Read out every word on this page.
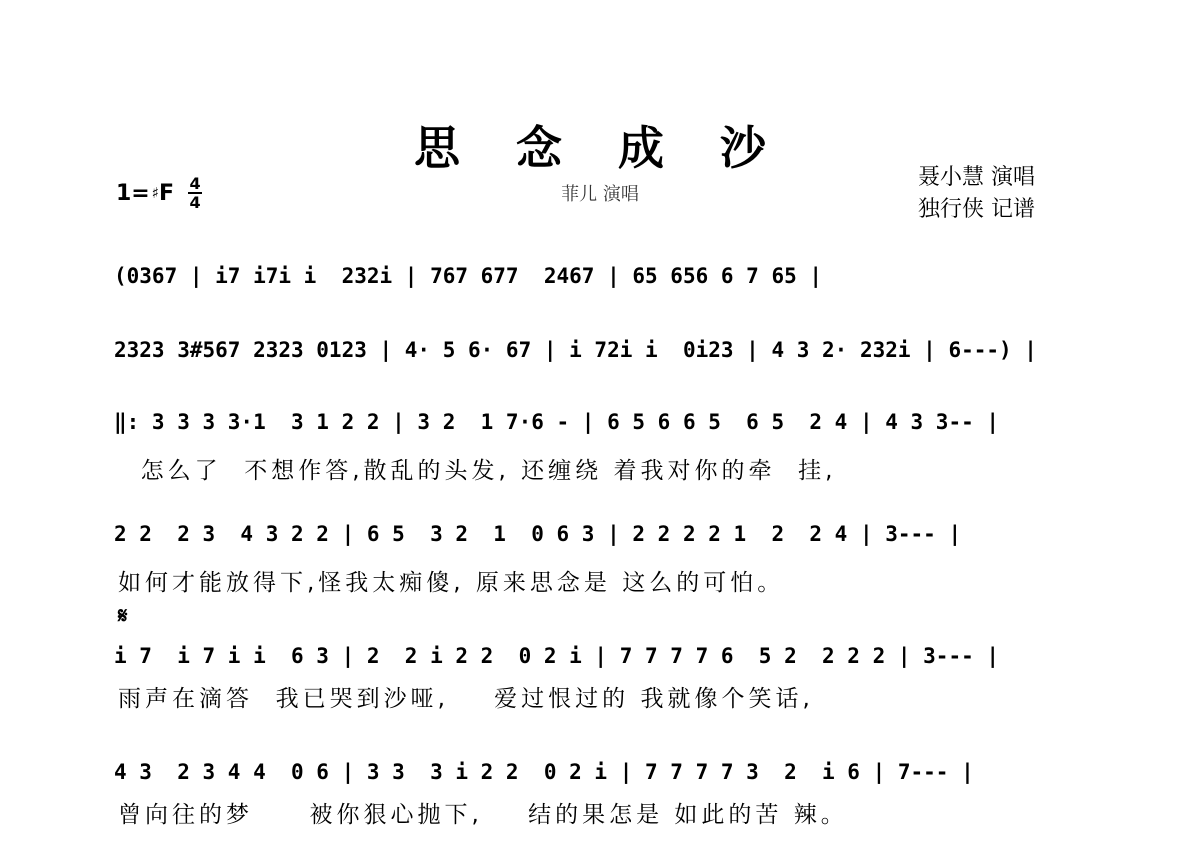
思 念 成 沙
菲儿 演唱
聂小慧 演唱
独行侠 记谱
1= ♯ F 4
4
𝄋
(0367 | i7 i7i i  232i | 767 677  2467 | 65 656 6 7 65 |
2323 3#567 2323 0123 | 4· 5 6· 67 | i 72i i  0i23 | 4 3 2· 232i | 6---) |
‖: 3 3 3 3·1  3 1 2 2 | 3 2  1 7·6 - | 6 5 6 6 5  6 5  2 4 | 4 3 3-- |
怎么了  不想作答,散乱的头发, 还缠绕 着我对你的牵  挂,
2 2  2 3  4 3 2 2 | 6 5  3 2  1  0 6 3 | 2 2 2 2 1  2  2 4 | 3--- |
如何才能放得下,怪我太痴傻, 原来思念是 这么的可怕。
i 7  i 7 i i  6 3 | 2  2 i 2 2  0 2 i | 7 7 7 7 6  5 2  2 2 2 | 3--- |
雨声在滴答  我已哭到沙哑,    爱过恨过的 我就像个笑话,
4 3  2 3 4 4  0 6 | 3 3  3 i 2 2  0 2 i | 7 7 7 7 3  2  i 6 | 7--- |
曾向往的梦     被你狠心抛下,    结的果怎是 如此的苦 辣。
